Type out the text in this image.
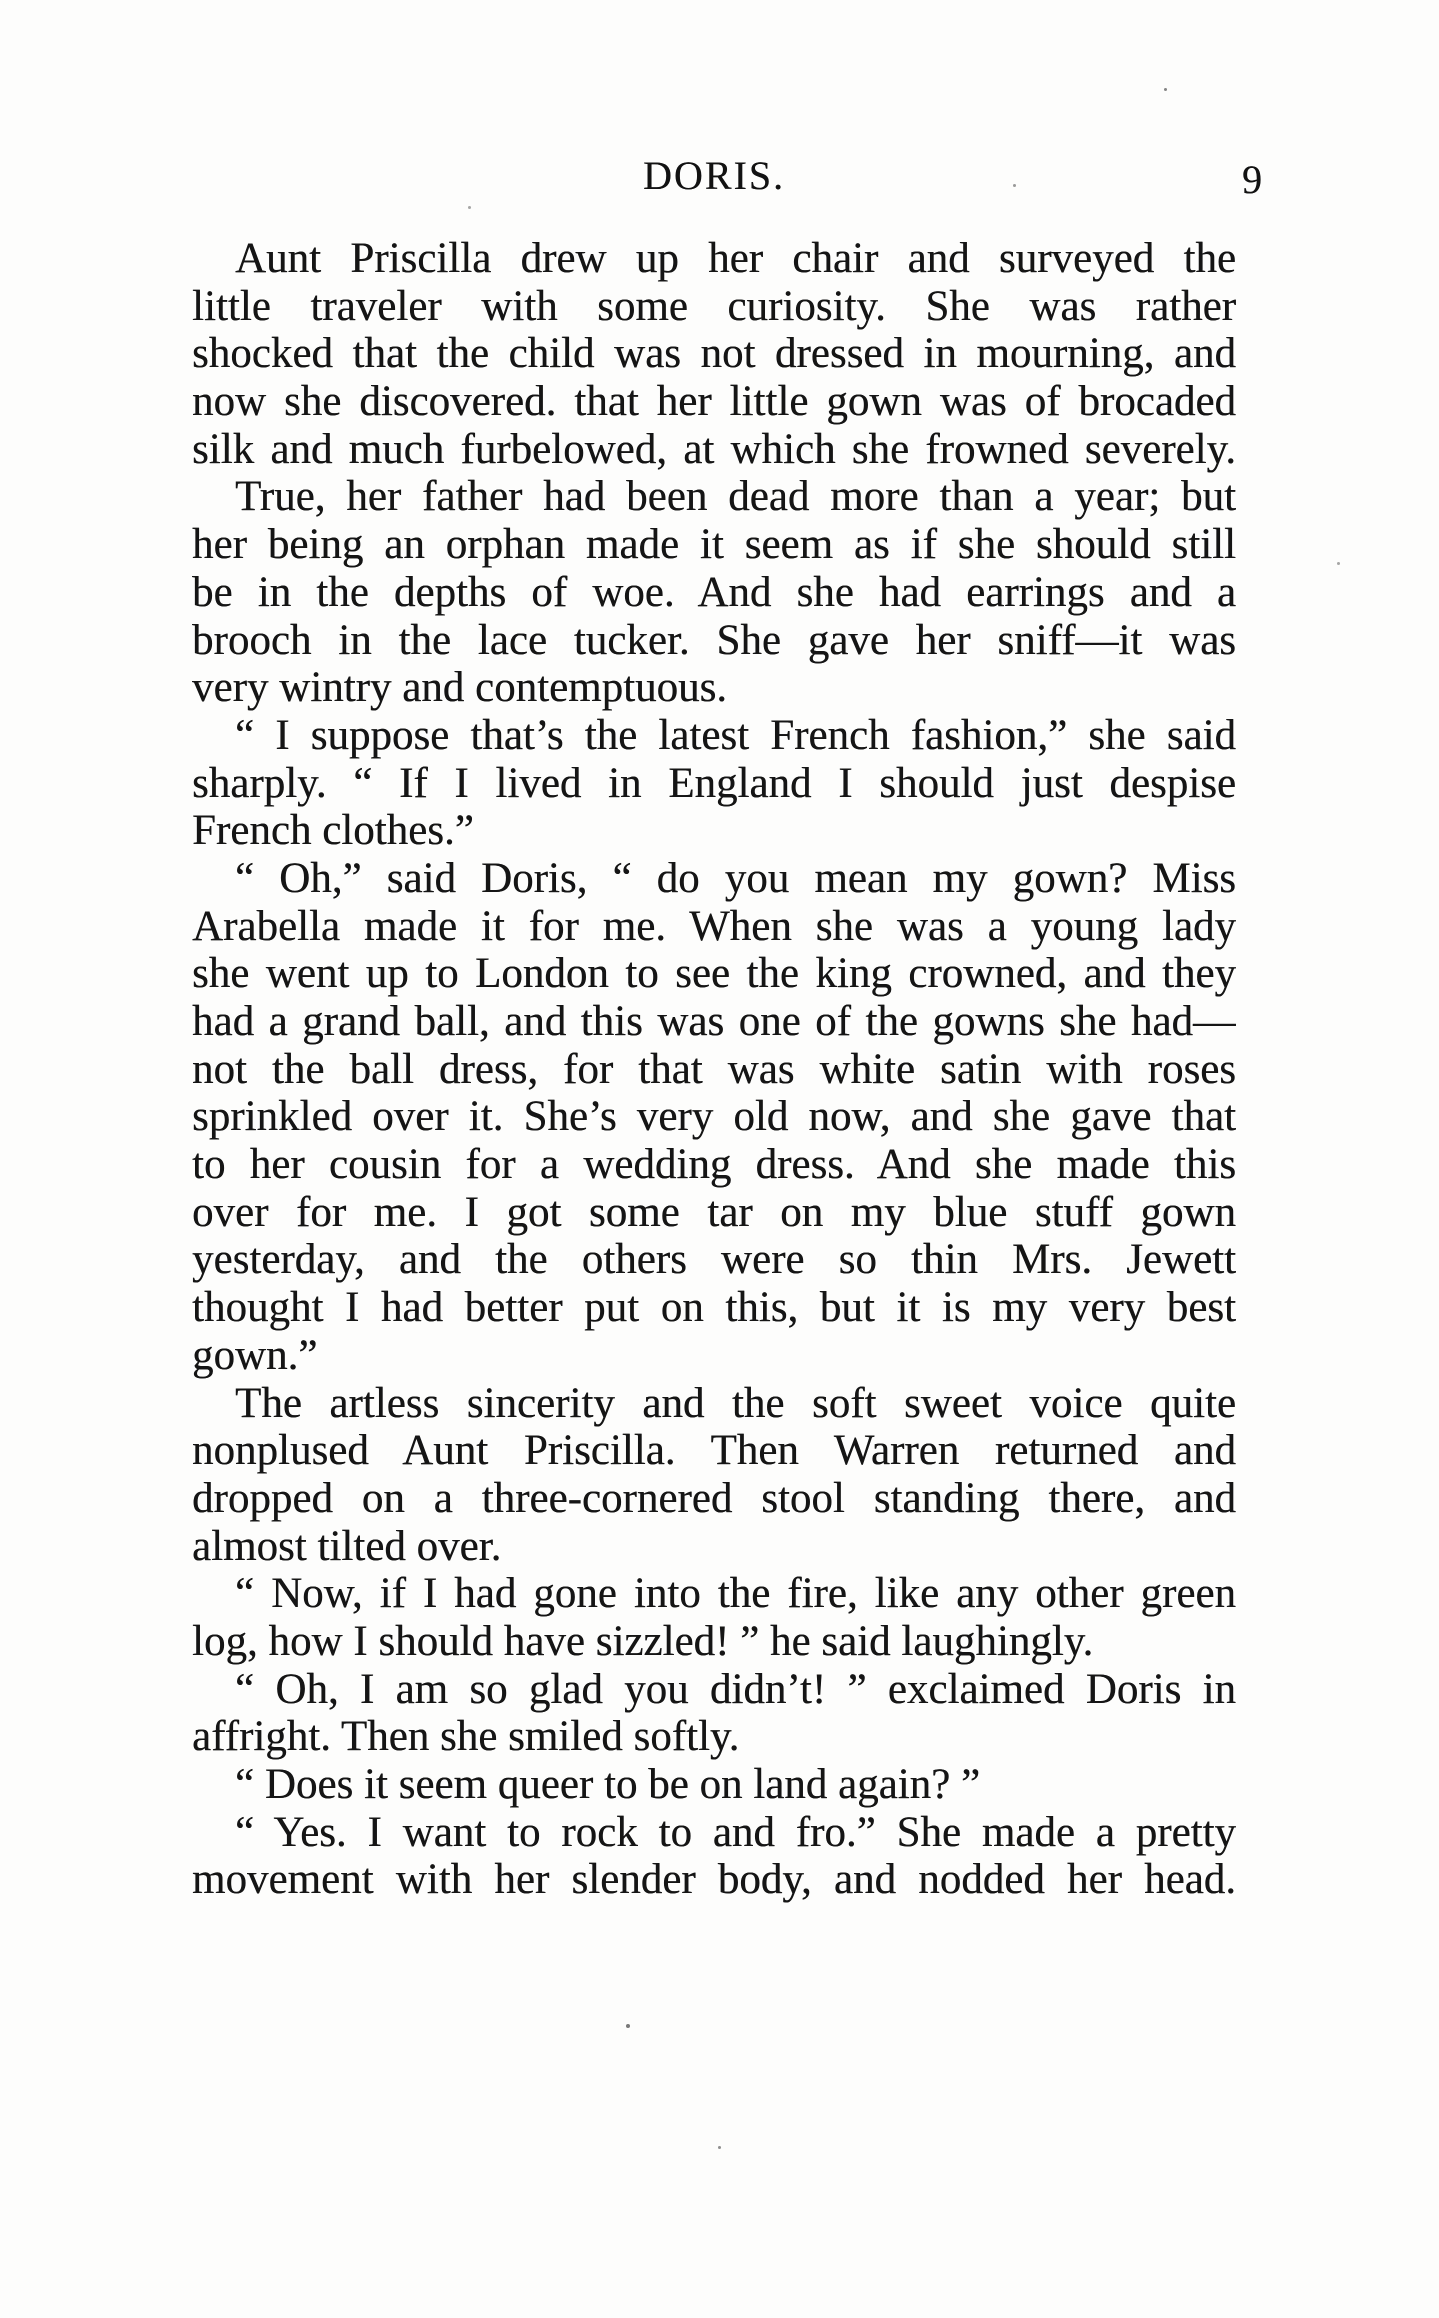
DORIS.	9
Aunt Priscilla drew up her chair and surveyed the
little traveler with some curiosity. She was rather
shocked that the child was not dressed in mourning, and
now she discovered. that her little gown was of brocaded
silk and much furbelowed, at which she frowned severely.
True, her father had been dead more than a year; but
her being an orphan made it seem as if she should still
be in the depths of woe. And she had earrings and a
brooch in the lace tucker. She gave her sniff—it was
very wintry and contemptuous.
“ I suppose that’s the latest French fashion,” she said
sharply. “ If I lived in England I should just despise
French clothes.”
“ Oh,” said Doris, “ do you mean my gown? Miss
Arabella made it for me. When she was a young lady
she went up to London to see the king crowned, and they
had a grand ball, and this was one of the gowns she had—
not the ball dress, for that was white satin with roses
sprinkled over it. She’s very old now, and she gave that
to her cousin for a wedding dress. And she made this
over for me. I got some tar on my blue stuff gown
yesterday, and the others were so thin Mrs. Jewett
thought I had better put on this, but it is my very best
gown.”
The artless sincerity and the soft sweet voice quite
nonplused Aunt Priscilla. Then Warren returned and
dropped on a three-cornered stool standing there, and
almost tilted over.
“ Now, if I had gone into the fire, like any other green
log, how I should have sizzled! ” he said laughingly.
“ Oh, I am so glad you didn’t! ” exclaimed Doris in
affright. Then she smiled softly.
“ Does it seem queer to be on land again? ”
“ Yes. I want to rock to and fro.” She made a pretty
movement with her slender body, and nodded her head.
